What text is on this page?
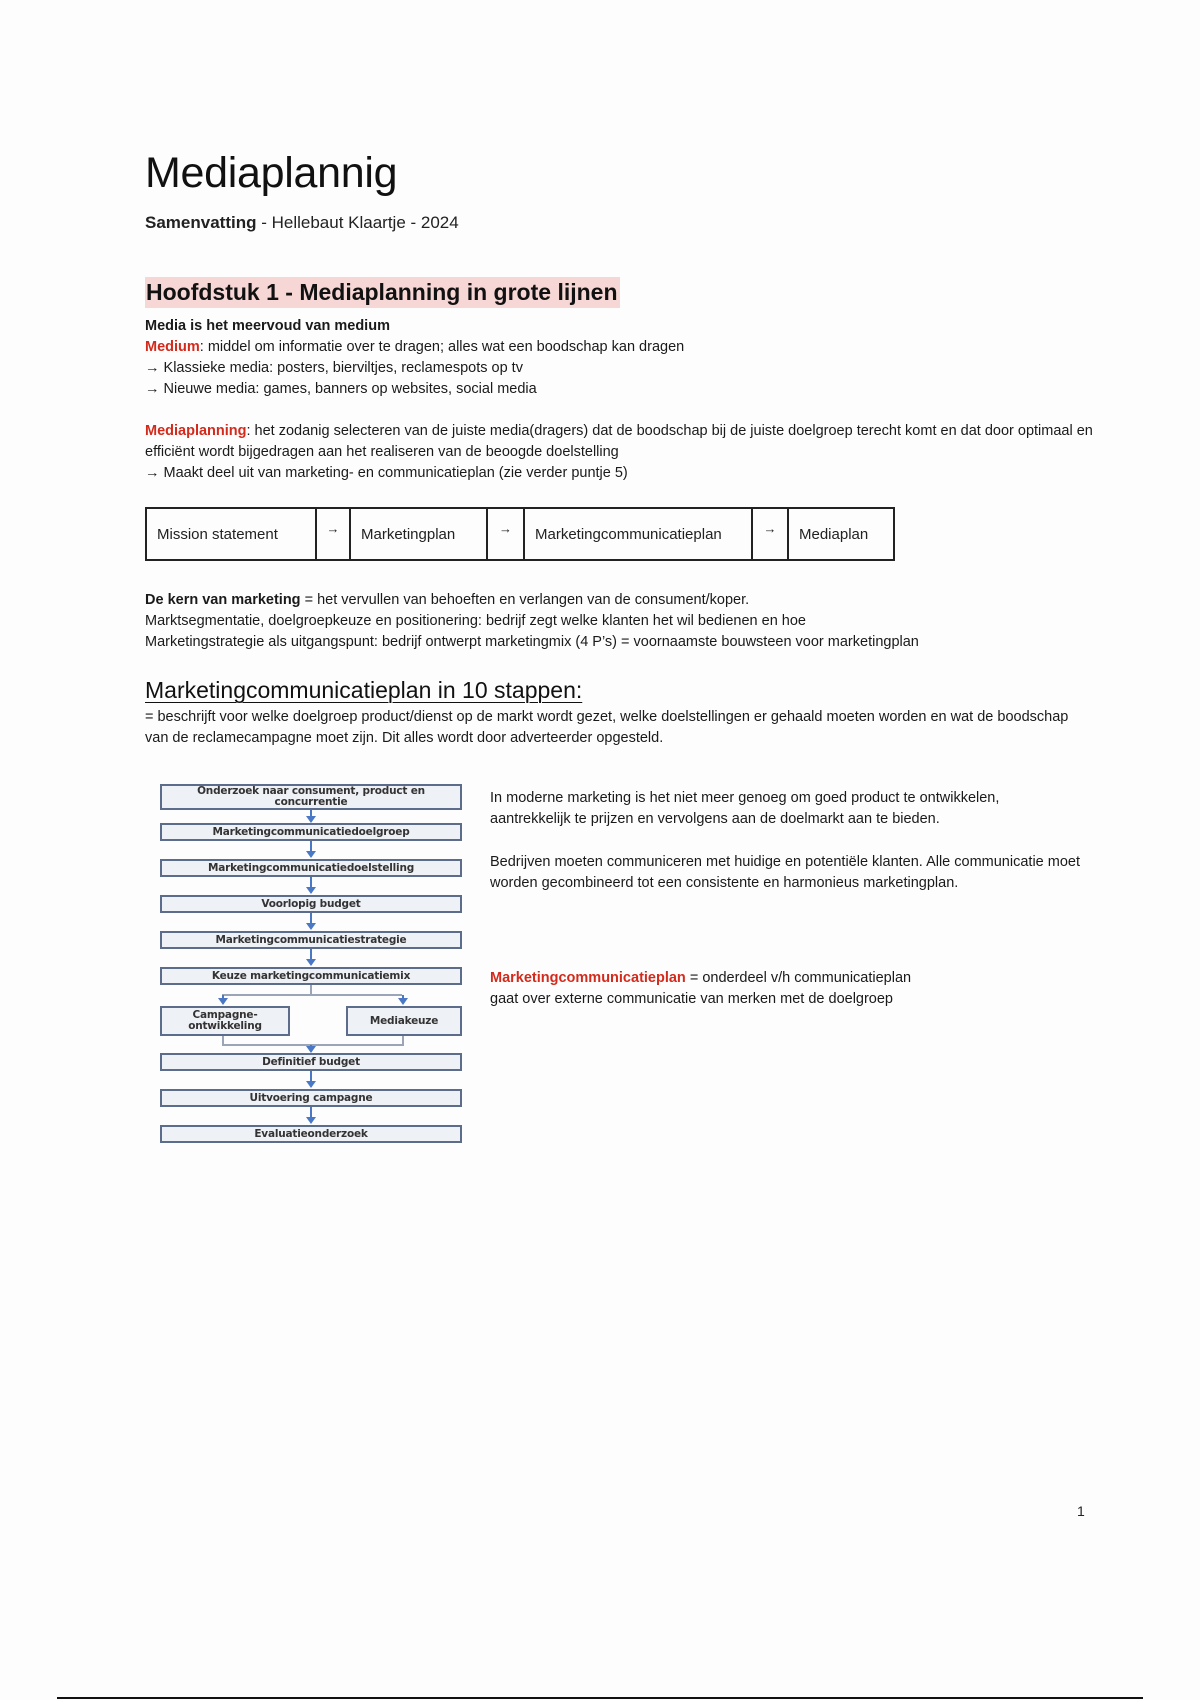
Mediaplannig
Samenvatting - Hellebaut Klaartje - 2024
Hoofdstuk 1 - Mediaplanning in grote lijnen
Media is het meervoud van medium
Medium: middel om informatie over te dragen; alles wat een boodschap kan dragen
→ Klassieke media: posters, bierviltjes, reclamespots op tv
→ Nieuwe media: games, banners op websites, social media
Mediaplanning: het zodanig selecteren van de juiste media(dragers) dat de boodschap bij de juiste doelgroep terecht komt en dat door optimaal en efficiënt wordt bijgedragen aan het realiseren van de beoogde doelstelling
→ Maakt deel uit van marketing- en communicatieplan (zie verder puntje 5)
Mission statement	→	Marketingplan	→	Marketingcommunicatieplan	→	Mediaplan
De kern van marketing = het vervullen van behoeften en verlangen van de consument/koper.
Marktsegmentatie, doelgroepkeuze en positionering: bedrijf zegt welke klanten het wil bedienen en hoe
Marketingstrategie als uitgangspunt: bedrijf ontwerpt marketingmix (4 P’s) = voornaamste bouwsteen voor marketingplan
Marketingcommunicatieplan in 10 stappen:
= beschrijft voor welke doelgroep product/dienst op de markt wordt gezet, welke doelstellingen er gehaald moeten worden en wat de boodschap van de reclamecampagne moet zijn. Dit alles wordt door adverteerder opgesteld.
Onderzoek naar consument, product en concurrentie
Marketingcommunicatiedoelgroep
Marketingcommunicatiedoelstelling
Voorlopig budget
Marketingcommunicatiestrategie
Keuze marketingcommunicatiemix
Campagne-ontwikkeling	Mediakeuze
Definitief budget
Uitvoering campagne
Evaluatieonderzoek
In moderne marketing is het niet meer genoeg om goed product te ontwikkelen, aantrekkelijk te prijzen en vervolgens aan de doelmarkt aan te bieden.
Bedrijven moeten communiceren met huidige en potentiële klanten. Alle communicatie moet worden gecombineerd tot een consistente en harmonieus marketingplan.
Marketingcommunicatieplan = onderdeel v/h communicatieplan
gaat over externe communicatie van merken met de doelgroep
1
